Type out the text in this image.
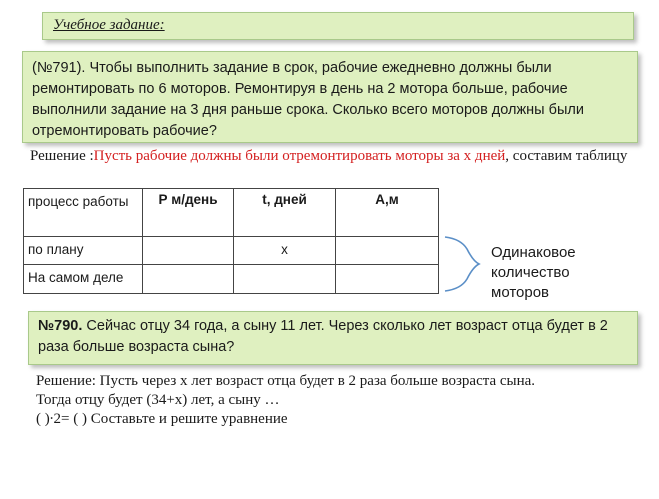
Учебное задание:
(№791). Чтобы выполнить задание в срок, рабочие ежедневно должны были ремонтировать по 6 моторов. Ремонтируя в день на 2 мотора больше, рабочие выполнили задание на 3 дня раньше срока. Сколько всего моторов должны были отремонтировать рабочие?
Решение :Пусть рабочие должны были отремонтировать моторы за х дней, составим таблицу
процесс работы	Р м/день	t, дней	А,м
по плану		х	
На самом деле			
Одинаковое количество моторов
№790. Сейчас отцу 34 года, а сыну 11 лет. Через сколько лет возраст отца будет в 2 раза больше возраста сына?
Решение: Пусть через х лет возраст отца будет в 2 раза больше возраста сына.
Тогда отцу будет (34+х) лет, а сыну …
( )∙2= ( ) Составьте и решите уравнение
